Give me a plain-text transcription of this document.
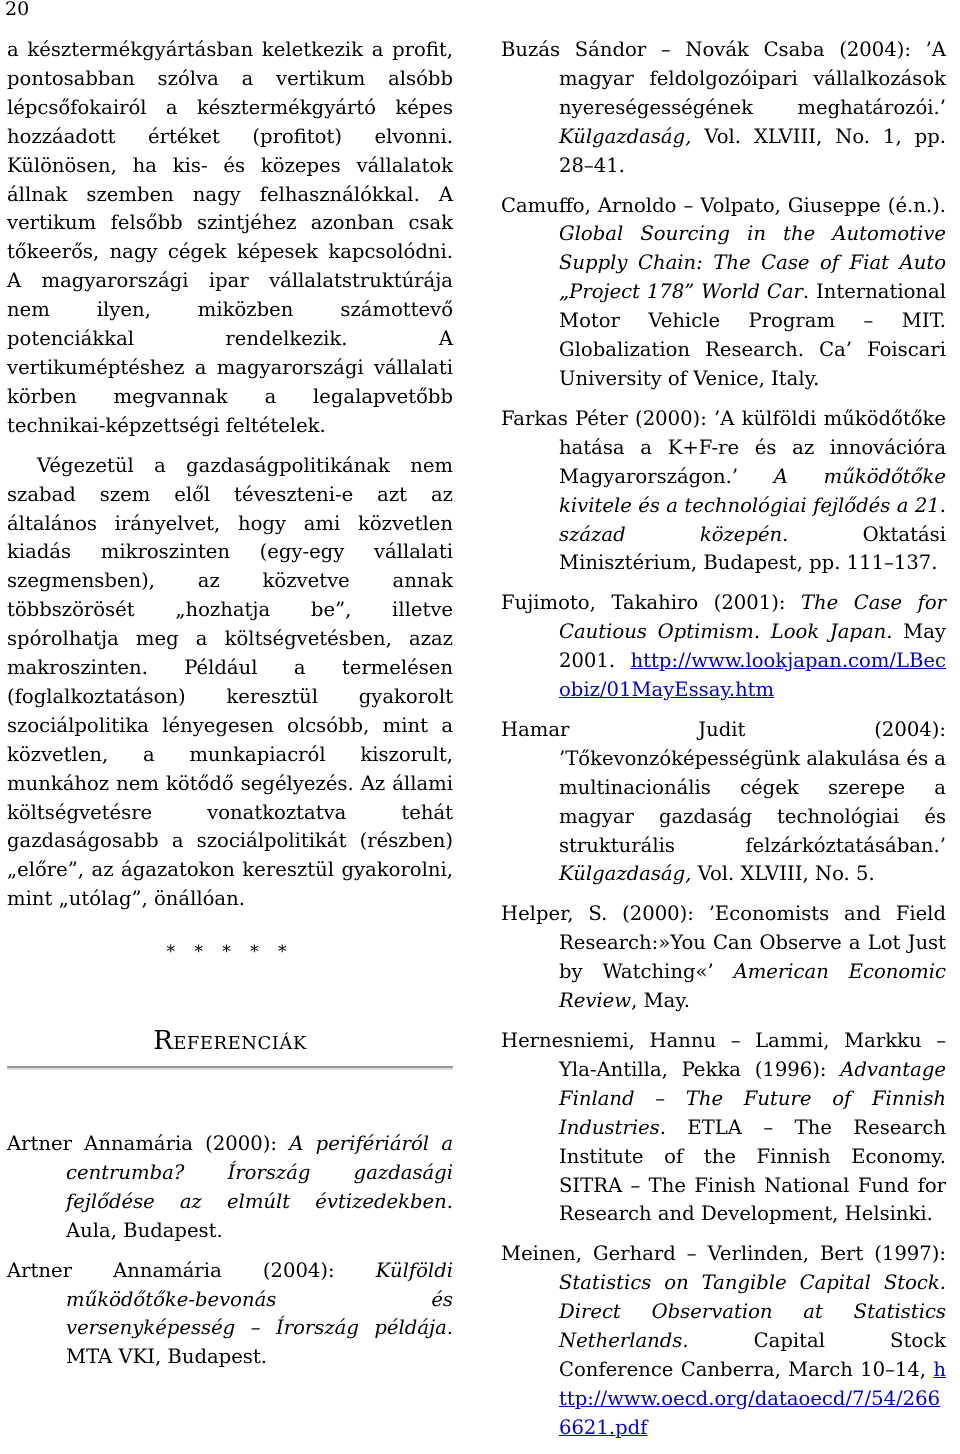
20

a késztermékgyártásban keletkezik a profit, pontosabban szólva a vertikum alsóbb lépcsőfokairól a késztermékgyártó képes hozzáadott értéket (profitot) elvonni. Különösen, ha kis- és közepes vállalatok állnak szemben nagy felhasználókkal. A vertikum felsőbb szintjéhez azonban csak tőkeerős, nagy cégek képesek kapcsolódni. A magyarországi ipar vállalatstruktúrája nem ilyen, miközben számottevő potenciákkal rendelkezik. A vertikuméptéshez a magyarországi vállalati körben megvannak a legalapvetőbb technikai-képzettségi feltételek.

Végezetül a gazdaságpolitikának nem szabad szem elől téveszteni-e azt az általános irányelvet, hogy ami közvetlen kiadás mikroszinten (egy-egy vállalati szegmensben), az közvetve annak többszörösét „hozhatja be”, illetve spórolhatja meg a költségvetésben, azaz makroszinten. Például a termelésen (foglalkoztatáson) keresztül gyakorolt szociálpolitika lényegesen olcsóbb, mint a közvetlen, a munkapiacról kiszorult, munkához nem kötődő segélyezés. Az állami költségvetésre vonatkoztatva tehát gazdaságosabb a szociálpolitikát (részben) „előre”, az ágazatokon keresztül gyakorolni, mint „utólag”, önállóan.

* * * * *
Referenciák

Artner Annamária (2000): A perifériáról a centrumba? Írország gazdasági fejlődése az elmúlt évtizedekben. Aula, Budapest.

Artner Annamária (2004): Külföldi működőtőke-bevonás és versenyképesség – Írország példája. MTA VKI, Budapest.

Buzás Sándor – Novák Csaba (2004): ’A magyar feldolgozóipari vállalkozások nyereségességének meghatározói.’ Külgazdaság, Vol. XLVIII, No. 1, pp. 28–41.

Camuffo, Arnoldo – Volpato, Giuseppe (é.n.). Global Sourcing in the Automotive Supply Chain: The Case of Fiat Auto „Project 178” World Car. International Motor Vehicle Program – MIT. Globalization Research. Ca’ Foiscari University of Venice, Italy.

Farkas Péter (2000): ’A külföldi működőtőke hatása a K+F-re és az innovációra Magyarországon.’ A működőtőke kivitele és a technológiai fejlődés a 21. század közepén. Oktatási Minisztérium, Budapest, pp. 111–137.

Fujimoto, Takahiro (2001): The Case for Cautious Optimism. Look Japan. May 2001. http://www.lookjapan.com/LBecobiz/01MayEssay.htm

Hamar Judit (2004): ’Tőkevonzóképességünk alakulása és a multinacionális cégek szerepe a magyar gazdaság technológiai és strukturális felzárkóztatásában.’ Külgazdaság, Vol. XLVIII, No. 5.

Helper, S. (2000): ’Economists and Field Research:»You Can Observe a Lot Just by Watching«’ American Economic Review, May.

Hernesniemi, Hannu – Lammi, Markku – Yla-Antilla, Pekka (1996): Advantage Finland – The Future of Finnish Industries. ETLA – The Research Institute of the Finnish Economy. SITRA – The Finish National Fund for Research and Development, Helsinki.

Meinen, Gerhard – Verlinden, Bert (1997): Statistics on Tangible Capital Stock. Direct Observation at Statistics Netherlands. Capital Stock Conference Canberra, March 10–14, http://www.oecd.org/dataoecd/7/54/2666621.pdf
